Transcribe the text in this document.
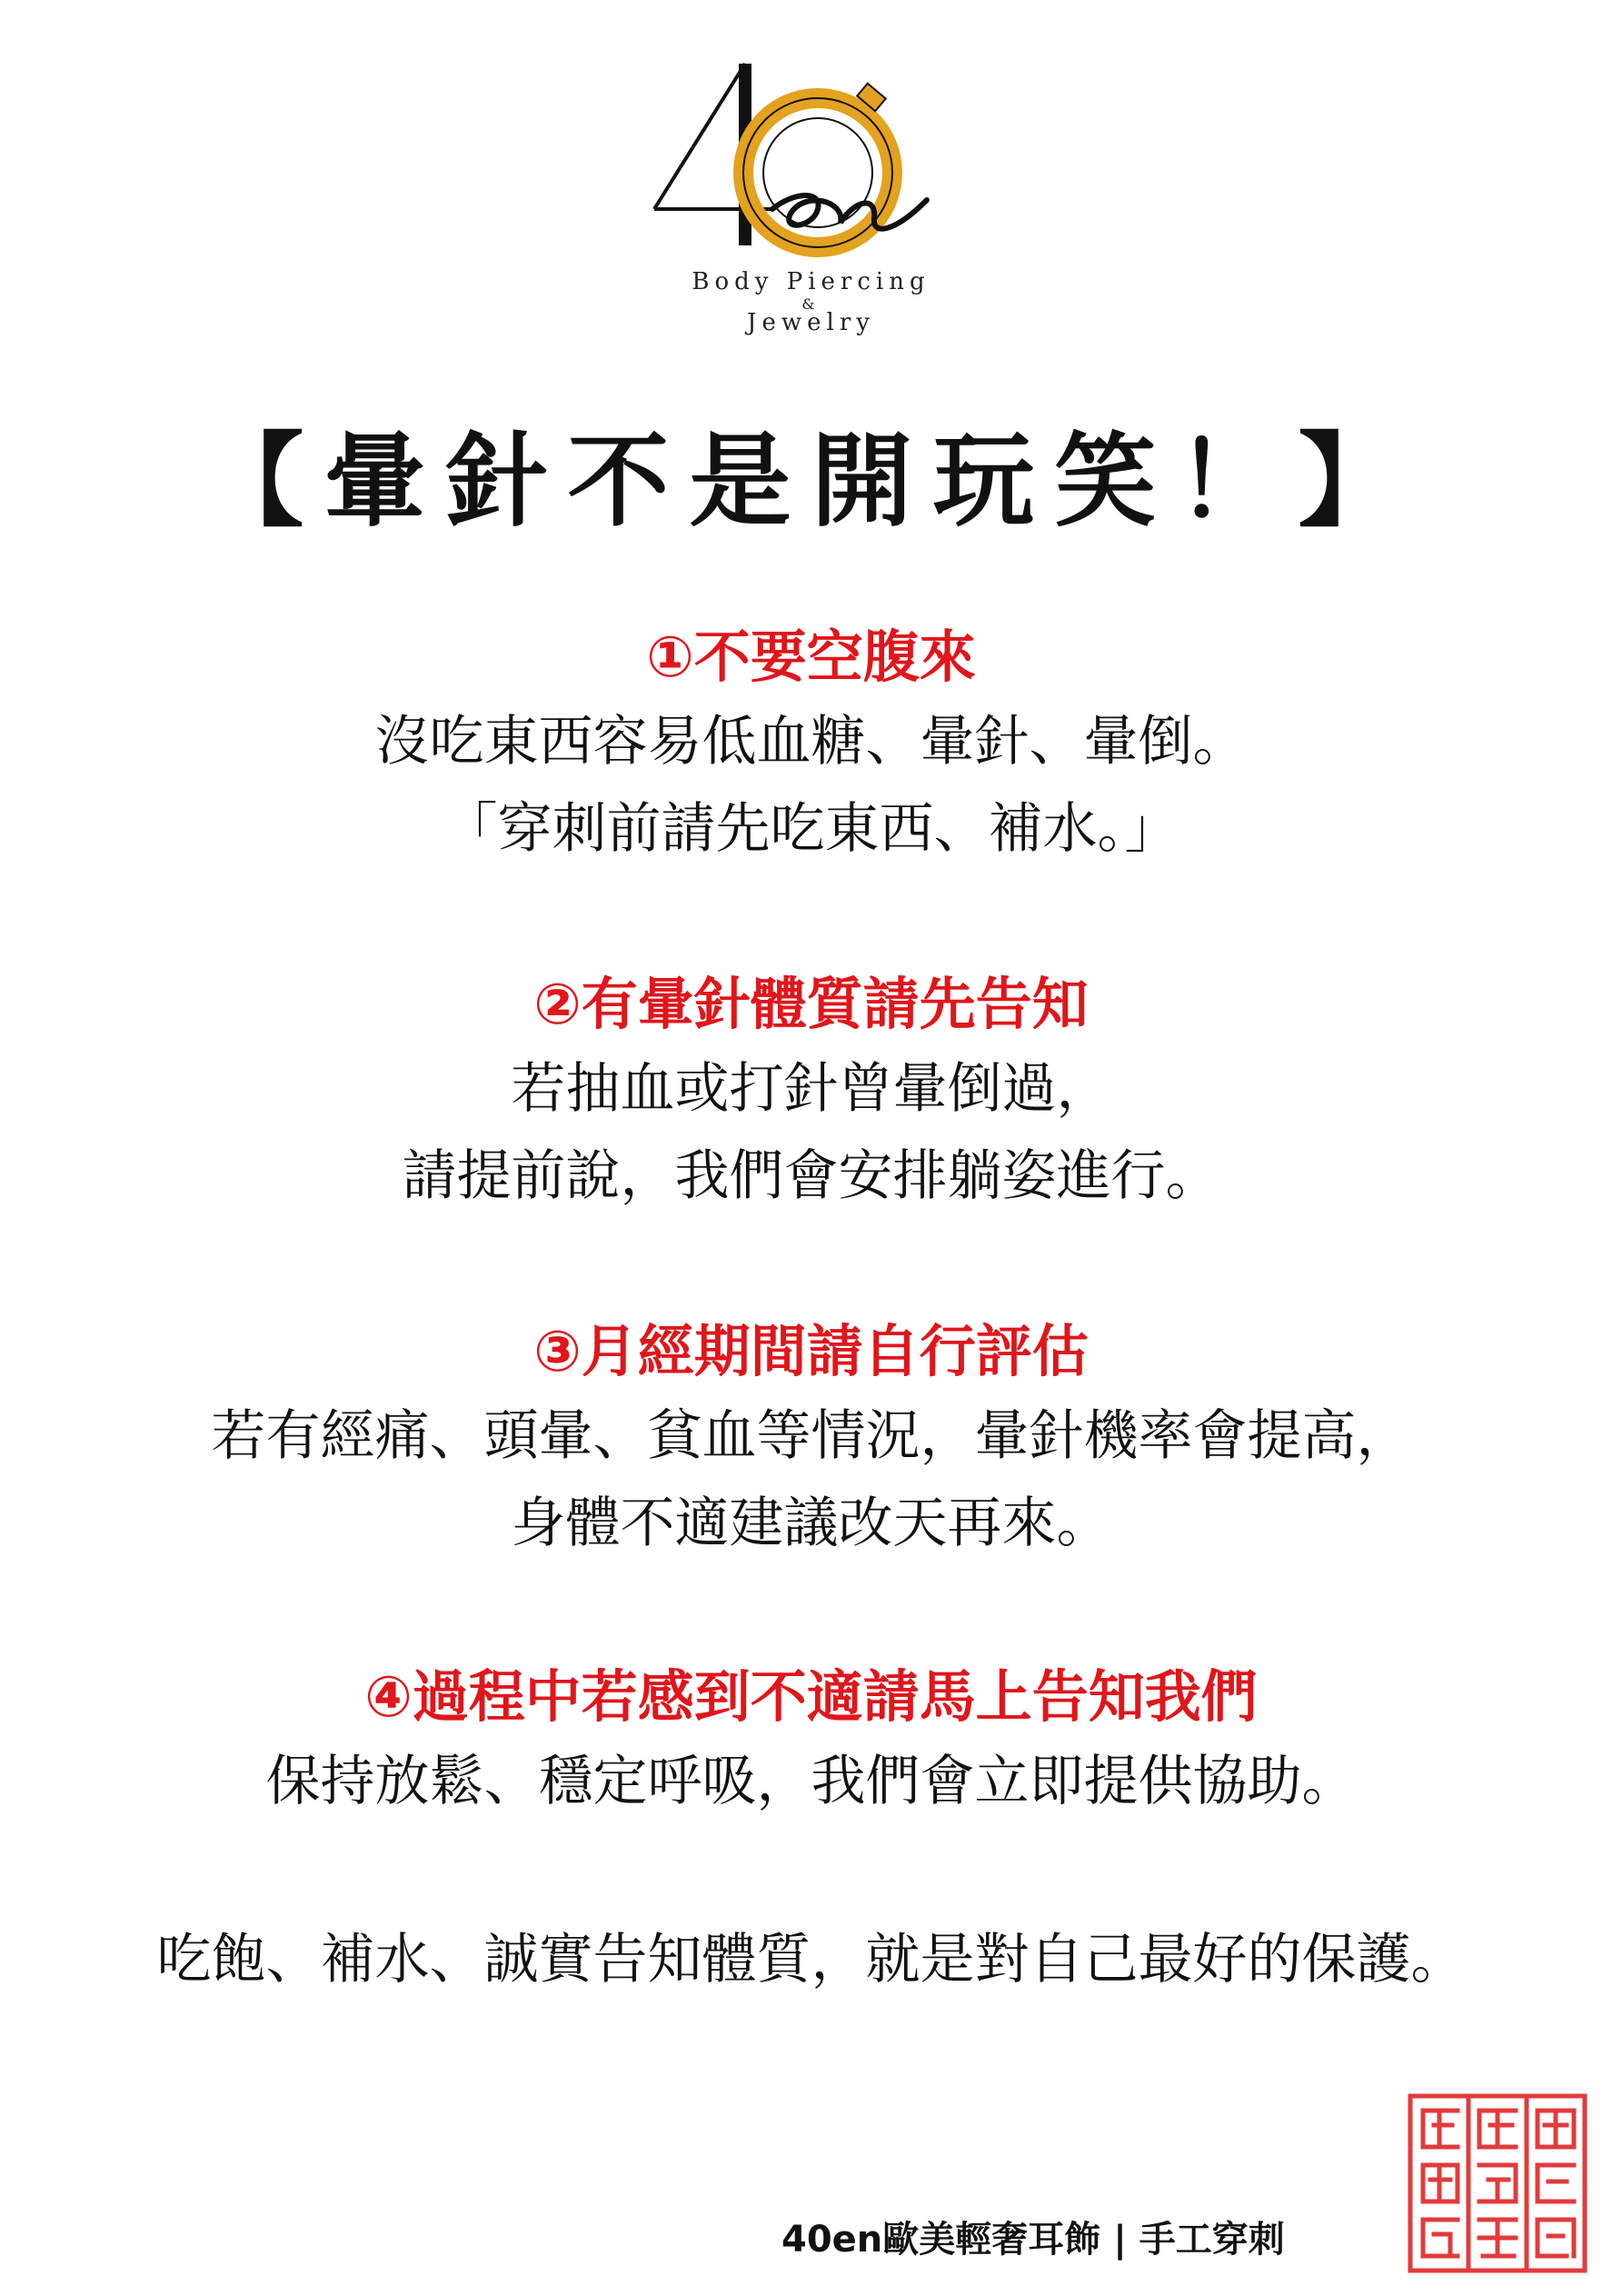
Body Piercing
&
Jewelry
【暈針不是開玩笑！】
①不要空腹來
沒吃東西容易低血糖、暈針、暈倒。
「穿刺前請先吃東西、補水。」
②有暈針體質請先告知
若抽血或打針曾暈倒過，
請提前說，我們會安排躺姿進行。
③月經期間請自行評估
若有經痛、頭暈、貧血等情況，暈針機率會提高，
身體不適建議改天再來。
④過程中若感到不適請馬上告知我們
保持放鬆、穩定呼吸，我們會立即提供協助。
吃飽、補水、誠實告知體質，就是對自己最好的保護。
40en歐美輕奢耳飾 | 手工穿刺
